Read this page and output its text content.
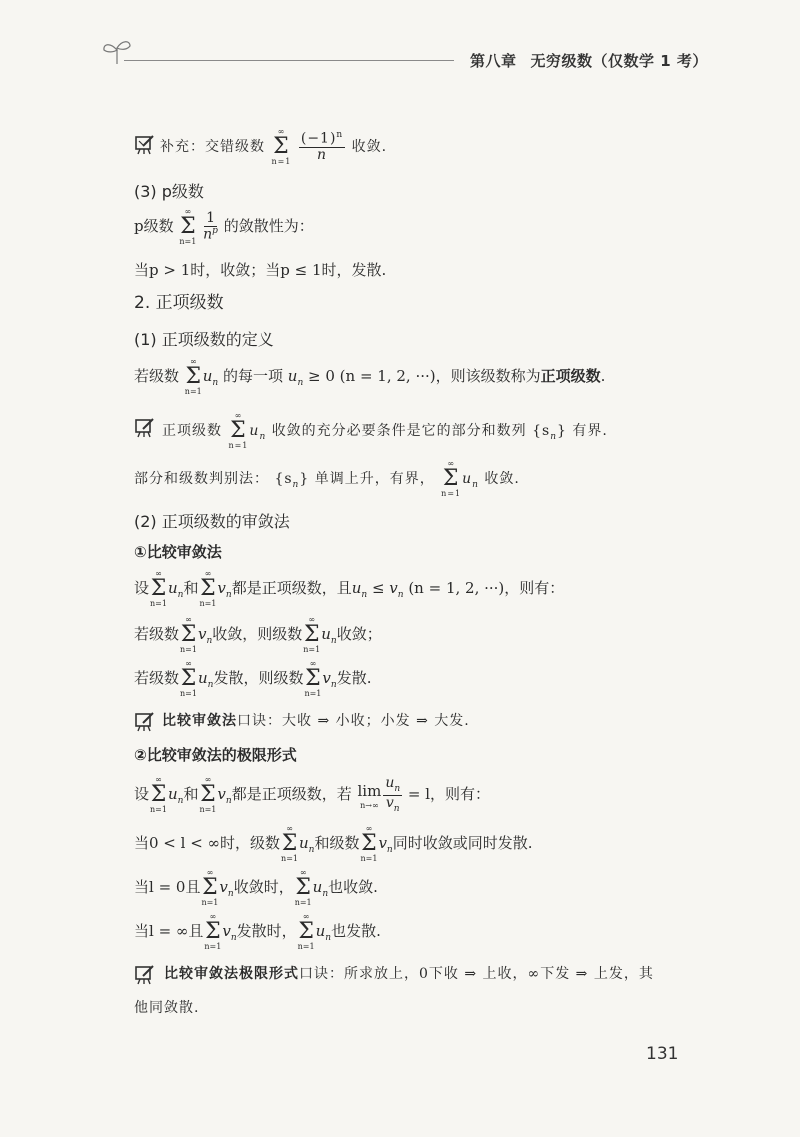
第八章 无穷级数（仅数学 1 考）
补充：交错级数
∞
Σ
n=1
$\frac{(-1)^n}{n}$ 收敛.
(3) p级数
p级数
∞
Σ
n=1
$\frac{1}{n^p}$ 的敛散性为：
当p > 1时，收敛；当p ≤ 1时，发散.
2. 正项级数
(1) 正项级数的定义
若级数
∞
Σ
n=1
$u_n$ 的每一项 $u_n \ge 0$ (n = 1, 2, ···)，则该级数称为正项级数.
正项级数
∞
Σ
n=1
$u_n$ 收敛的充分必要条件是它的部分和数列 $\{s_n\}$ 有界.
部分和级数判别法： $\{s_n\}$ 单调上升，有界，
∞
Σ
n=1
$u_n$ 收敛.
(2) 正项级数的审敛法
①比较审敛法
设
∞
Σ
n=1
$u_n$和
∞
Σ
n=1
$v_n$都是正项级数，且$u_n \le v_n$ (n = 1, 2, ···)，则有：
若级数
∞
Σ
n=1
$v_n$收敛，则级数
∞
Σ
n=1
$u_n$收敛；
若级数
∞
Σ
n=1
$u_n$发散，则级数
∞
Σ
n=1
$v_n$发散.
比较审敛法口诀：大收 ⇒ 小收；小发 ⇒ 大发.
②比较审敛法的极限形式
设
∞
Σ
n=1
$u_n$和
∞
Σ
n=1
$v_n$都是正项级数，若 lim
$n\to\infty \frac{u_n}{v_n} = l$，则有：
当0 < l < ∞时，级数
∞
Σ
n=1
$u_n$和级数
∞
Σ
n=1
$v_n$同时收敛或同时发散.
当l = 0且
∞
Σ
n=1
$v_n$收敛时，
∞
Σ
n=1
$u_n$也收敛.
当l = ∞且
∞
Σ
n=1
$v_n$发散时，
∞
Σ
n=1
$u_n$也发散.
比较审敛法极限形式口诀：所求放上，0下收 ⇒ 上收，∞下发 ⇒ 上发，其
他同敛散.
131
